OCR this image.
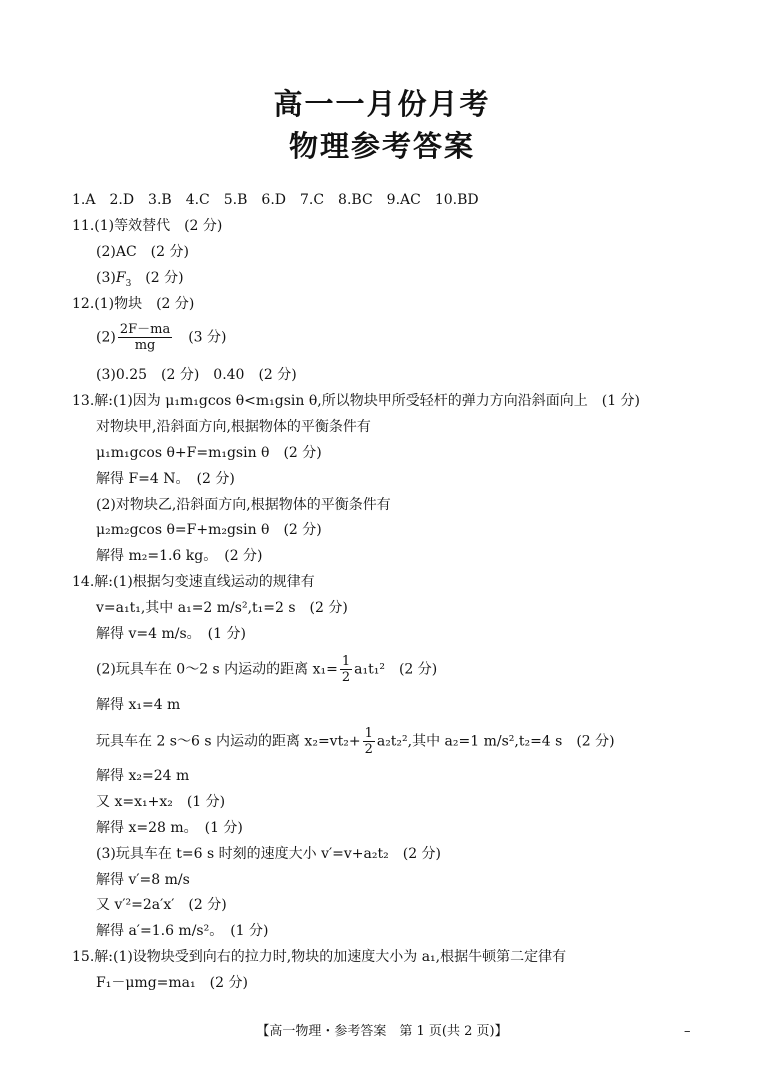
高一一月份月考
物理参考答案
1.A　2.D　3.B　4.C　5.B　6.D　7.C　8.BC　9.AC　10.BD
11.(1)等效替代　(2 分)
(2)AC　(2 分)
$(3)F_3$　(2 分)
12.(1)物块　(2 分)
$(2) \frac{2F-ma}{mg}$ 　(3 分)
(3)0.25　(2 分)　0.40　(2 分)
13.解:(1)因为 μ₁m₁gcos θ<m₁gsin θ,所以物块甲所受轻杆的弹力方向沿斜面向上　(1 分)
对物块甲,沿斜面方向,根据物体的平衡条件有
μ₁m₁gcos θ+F=m₁gsin θ　(2 分)
解得 F=4 N。　(2 分)
(2)对物块乙,沿斜面方向,根据物体的平衡条件有
μ₂m₂gcos θ=F+m₂gsin θ　(2 分)
解得 m₂=1.6 kg。　(2 分)
14.解:(1)根据匀变速直线运动的规律有
v=a₁t₁,其中 a₁=2 m/s²,t₁=2 s　(2 分)
解得 v=4 m/s。　(1 分)
(2)玩具车在 0～2 s 内运动的距离 $x_1= \frac{1}{2} a_1t_1^2$　(2 分)
解得 x₁=4 m
玩具车在 2 s～6 s 内运动的距离 $x_2=vt_2+ \frac{1}{2} a_2t_2^2$,其中 a₂=1 m/s²,t₂=4 s　(2 分)
解得 x₂=24 m
又 x=x₁+x₂　(1 分)
解得 x=28 m。　(1 分)
(3)玩具车在 t=6 s 时刻的速度大小 v′=v+a₂t₂　(2 分)
解得 v′=8 m/s
又 v′²=2a′x′　(2 分)
解得 a′=1.6 m/s²。　(1 分)
15.解:(1)设物块受到向右的拉力时,物块的加速度大小为 a₁,根据牛顿第二定律有
F₁－μmg=ma₁　(2 分)
【高一物理・参考答案　第 1 页(共 2 页)】	–
